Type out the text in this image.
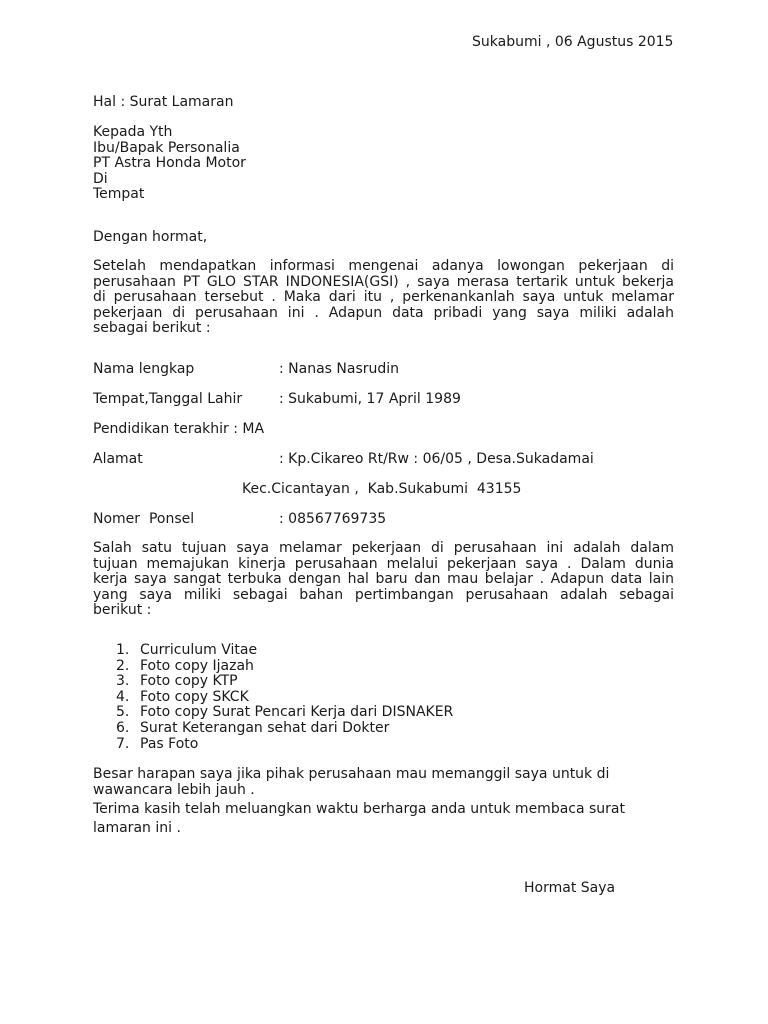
Sukabumi , 06 Agustus 2015
Hal : Surat Lamaran
Kepada Yth
Ibu/Bapak Personalia
PT Astra Honda Motor
Di
Tempat
Dengan hormat,
Setelah mendapatkan informasi mengenai adanya lowongan pekerjaan di
perusahaan PT GLO STAR INDONESIA(GSI) , saya merasa tertarik untuk bekerja
di perusahaan tersebut . Maka dari itu , perkenankanlah saya untuk melamar
pekerjaan di perusahaan ini . Adapun data pribadi yang saya miliki adalah
sebagai berikut :
Nama lengkap	: Nanas Nasrudin
Tempat,Tanggal Lahir	: Sukabumi, 17 April 1989
Pendidikan terakhir : MA
Alamat	: Kp.Cikareo Rt/Rw : 06/05 , Desa.Sukadamai
Kec.Cicantayan ,  Kab.Sukabumi  43155
Nomer  Ponsel	: 08567769735
Salah satu tujuan saya melamar pekerjaan di perusahaan ini adalah dalam
tujuan memajukan kinerja perusahaan melalui pekerjaan saya . Dalam dunia
kerja saya sangat terbuka dengan hal baru dan mau belajar . Adapun data lain
yang saya miliki sebagai bahan pertimbangan perusahaan adalah sebagai
berikut :
1. Curriculum Vitae
2. Foto copy Ijazah
3. Foto copy KTP
4. Foto copy SKCK
5. Foto copy Surat Pencari Kerja dari DISNAKER
6. Surat Keterangan sehat dari Dokter
7. Pas Foto
Besar harapan saya jika pihak perusahaan mau memanggil saya untuk di
wawancara lebih jauh .
Terima kasih telah meluangkan waktu berharga anda untuk membaca surat
lamaran ini .
Hormat Saya
